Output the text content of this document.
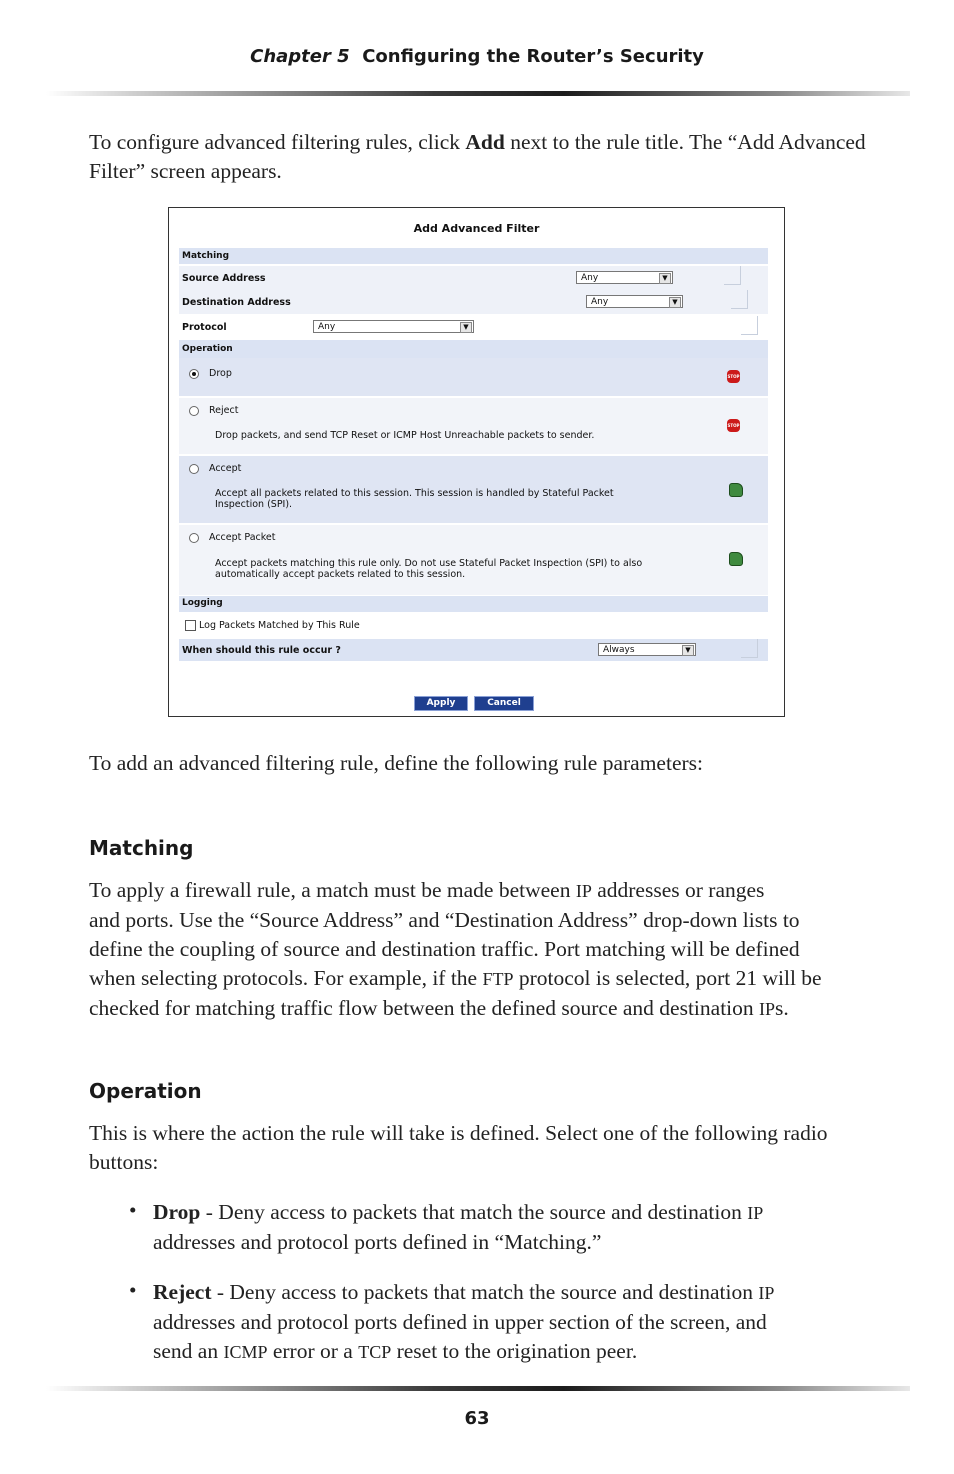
Chapter 5 Configuring the Router’s Security

To configure advanced filtering rules, click Add next to the rule title. The “Add Advanced Filter” screen appears.

Add Advanced Filter
Matching
Source Address	Any	▼
Destination Address	Any	▼
Protocol	Any	▼
Operation
Drop	STOP
Reject
Drop packets, and send TCP Reset or ICMP Host Unreachable packets to sender.
STOP
Accept
Accept all packets related to this session. This session is handled by Stateful Packet
Inspection (SPI).
Accept Packet
Accept packets matching this rule only. Do not use Stateful Packet Inspection (SPI) to also
automatically accept packets related to this session.
Logging
Log Packets Matched by This Rule
When should this rule occur ?	Always	▼
Apply	Cancel

To add an advanced filtering rule, define the following rule parameters:

Matching

To apply a firewall rule, a match must be made between IP addresses or ranges
and ports. Use the “Source Address” and “Destination Address” drop-down lists to
define the coupling of source and destination traffic. Port matching will be defined
when selecting protocols. For example, if the FTP protocol is selected, port 21 will be
checked for matching traffic flow between the defined source and destination IPs.

Operation

This is where the action the rule will take is defined. Select one of the following radio buttons:

• Drop - Deny access to packets that match the source and destination IP
addresses and protocol ports defined in “Matching.”

• Reject - Deny access to packets that match the source and destination IP
addresses and protocol ports defined in upper section of the screen, and
send an ICMP error or a TCP reset to the origination peer.

63
